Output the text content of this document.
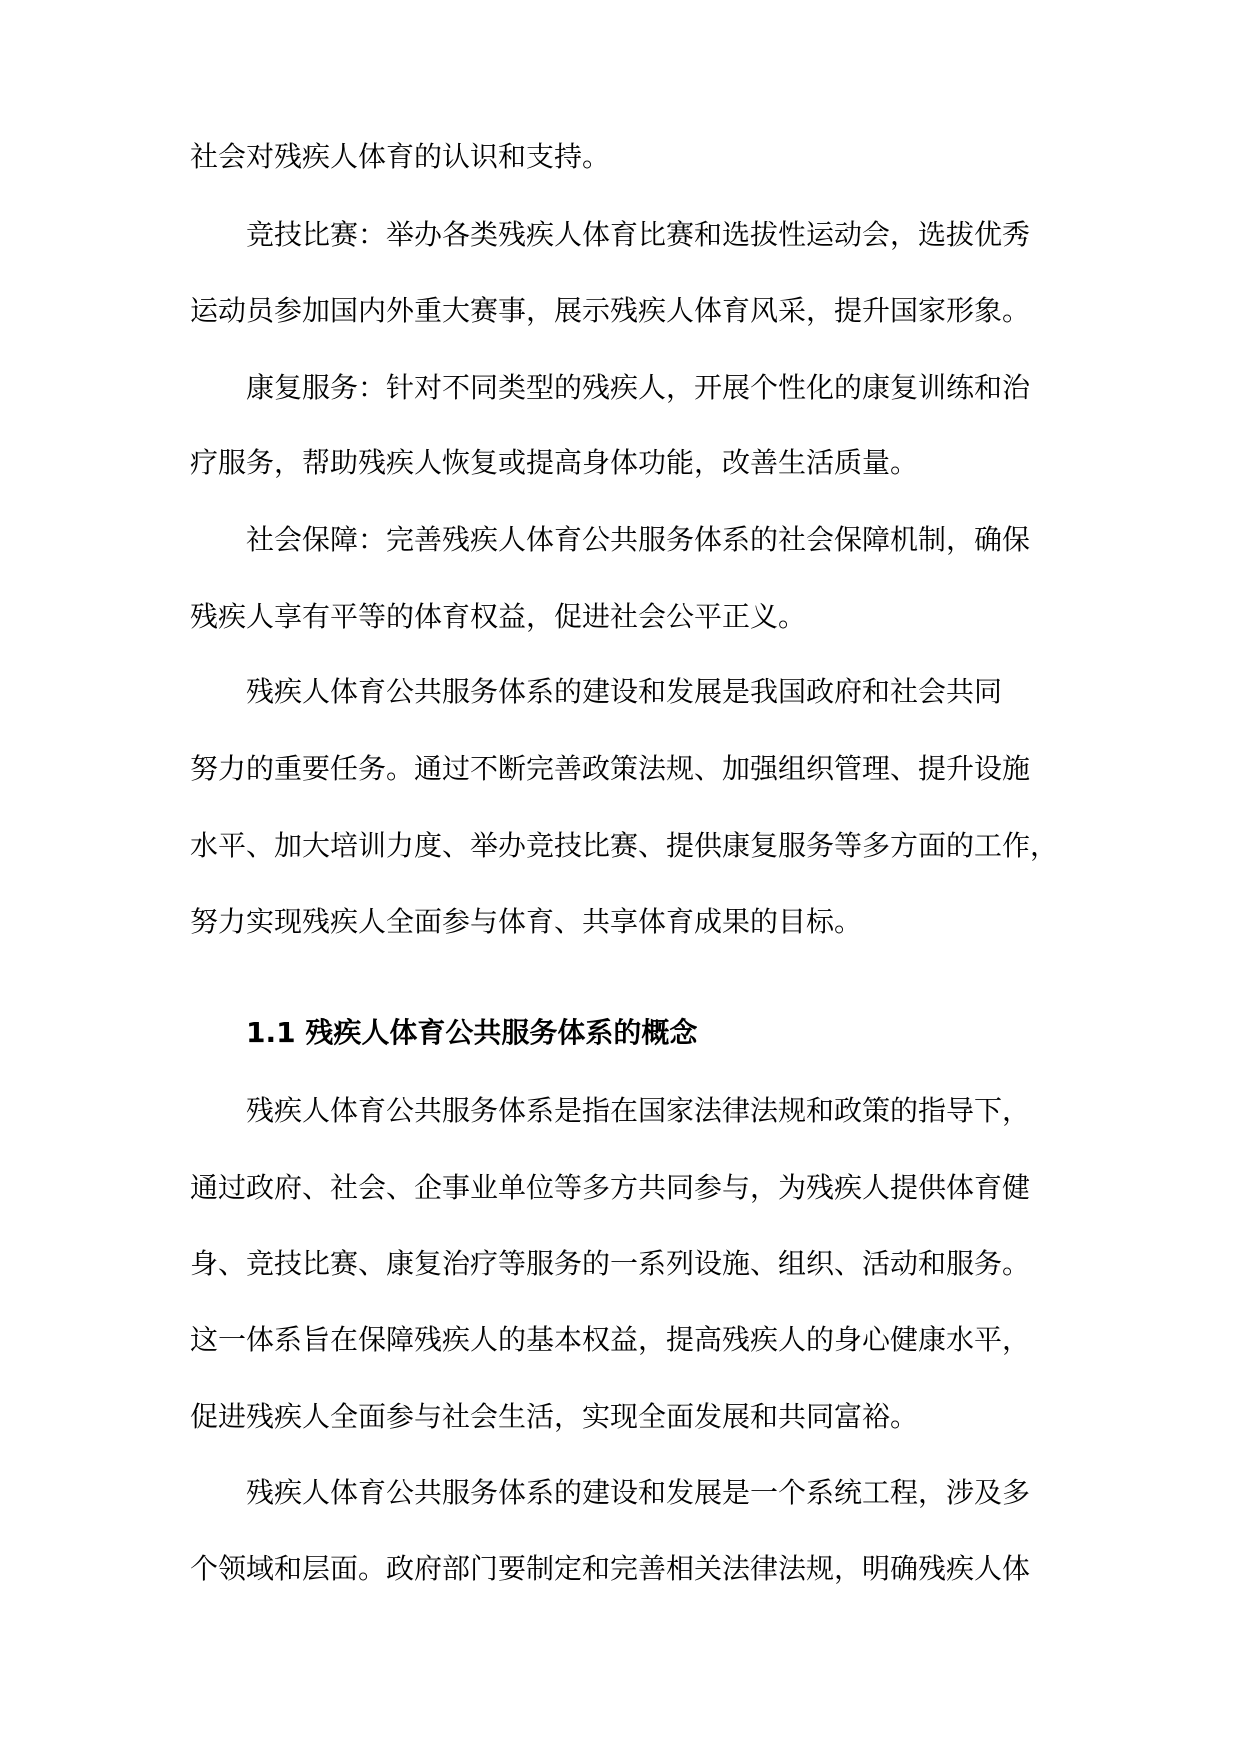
社会对残疾人体育的认识和支持。
竞技比赛：举办各类残疾人体育比赛和选拔性运动会，选拔优秀
运动员参加国内外重大赛事，展示残疾人体育风采，提升国家形象。
康复服务：针对不同类型的残疾人，开展个性化的康复训练和治
疗服务，帮助残疾人恢复或提高身体功能，改善生活质量。
社会保障：完善残疾人体育公共服务体系的社会保障机制，确保
残疾人享有平等的体育权益，促进社会公平正义。
残疾人体育公共服务体系的建设和发展是我国政府和社会共同
努力的重要任务。通过不断完善政策法规、加强组织管理、提升设施
水平、加大培训力度、举办竞技比赛、提供康复服务等多方面的工作，
努力实现残疾人全面参与体育、共享体育成果的目标。
1.1 残疾人体育公共服务体系的概念
残疾人体育公共服务体系是指在国家法律法规和政策的指导下，
通过政府、社会、企事业单位等多方共同参与，为残疾人提供体育健
身、竞技比赛、康复治疗等服务的一系列设施、组织、活动和服务。
这一体系旨在保障残疾人的基本权益，提高残疾人的身心健康水平，
促进残疾人全面参与社会生活，实现全面发展和共同富裕。
残疾人体育公共服务体系的建设和发展是一个系统工程，涉及多
个领域和层面。政府部门要制定和完善相关法律法规，明确残疾人体
